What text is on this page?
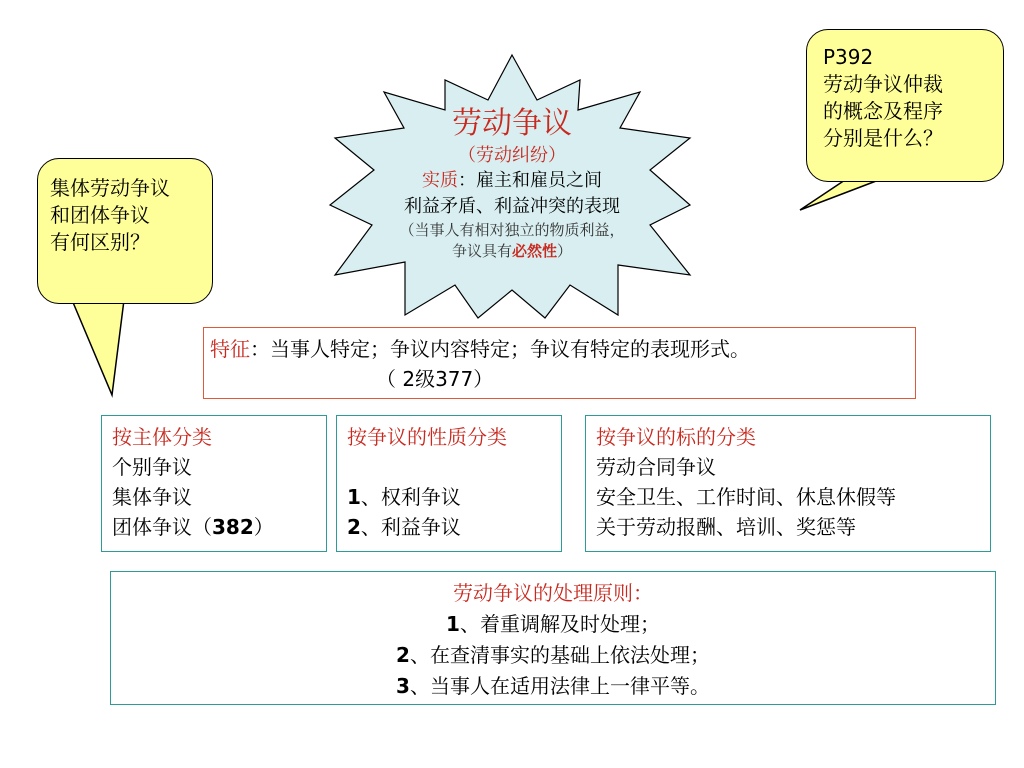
集体劳动争议
和团体争议
有何区别？
P392
劳动争议仲裁
的概念及程序
分别是什么？
劳动争议
（劳动纠纷）
实质：雇主和雇员之间
利益矛盾、利益冲突的表现
（当事人有相对独立的物质利益，
争议具有必然性）
特征：当事人特定；争议内容特定；争议有特定的表现形式。
（ 2级377）
按主体分类
个别争议
集体争议
团体争议（382）
按争议的性质分类

1、权利争议
2、利益争议
按争议的标的分类
劳动合同争议
安全卫生、工作时间、休息休假等
关于劳动报酬、培训、奖惩等
劳动争议的处理原则：
1、着重调解及时处理；
2、在查清事实的基础上依法处理；
3、当事人在适用法律上一律平等。
